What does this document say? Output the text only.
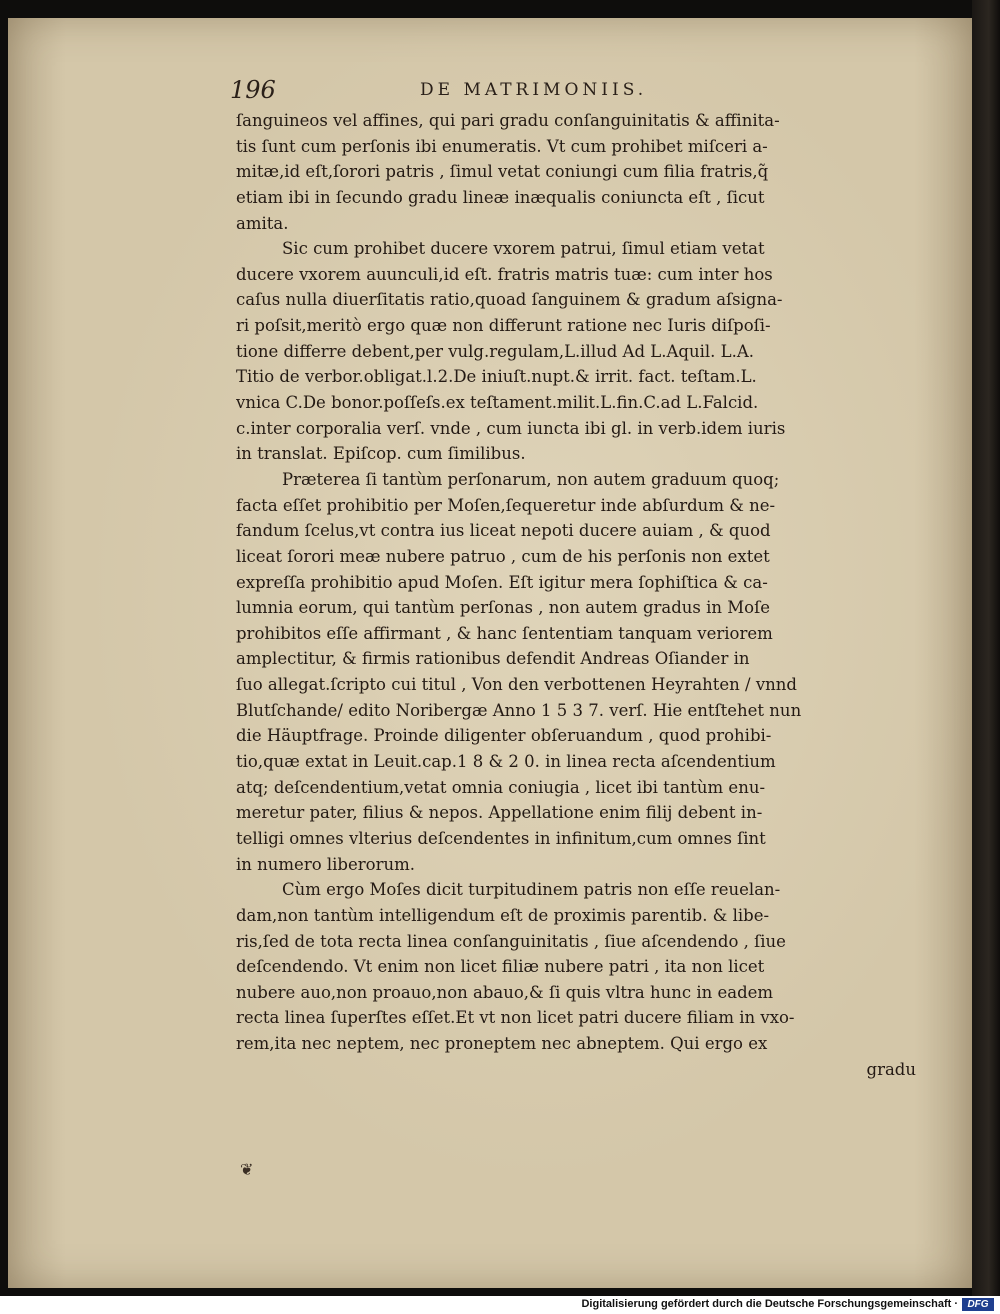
196	DE MATRIMONIIS.
ſanguineos vel affines, qui pari gradu conſanguinitatis & affinita-
tis ſunt cum perſonis ibi enumeratis. Vt cum prohibet miſceri a-
mitæ,id eſt,ſorori patris , ſimul vetat coniungi cum filia fratris,q̃
etiam ibi in ſecundo gradu lineæ inæqualis coniuncta eſt , ſicut
amita.
Sic cum prohibet ducere vxorem patrui, ſimul etiam vetat
ducere vxorem auunculi,id eſt. fratris matris tuæ: cum inter hos
caſus nulla diuerſitatis ratio,quoad ſanguinem & gradum aſsigna-
ri poſsit,meritò ergo quæ non differunt ratione nec Iuris diſpoſi-
tione differre debent,per vulg.regulam,L.illud Ad L.Aquil. L.A.
Titio de verbor.obligat.l.2.De iniuſt.nupt.& irrit. fact. teſtam.L.
vnica C.De bonor.poſſeſs.ex teſtament.milit.L.fin.C.ad L.Falcid.
c.inter corporalia verſ. vnde , cum iuncta ibi gl. in verb.idem iuris
in translat. Epiſcop. cum ſimilibus.
Præterea ſi tantùm perſonarum, non autem graduum quoq;
facta eſſet prohibitio per Moſen,ſequeretur inde abſurdum & ne-
fandum ſcelus,vt contra ius liceat nepoti ducere auiam , & quod
liceat ſorori meæ nubere patruo , cum de his perſonis non extet
expreſſa prohibitio apud Moſen. Eſt igitur mera ſophiſtica & ca-
lumnia eorum, qui tantùm perſonas , non autem gradus in Moſe
prohibitos eſſe affirmant , & hanc ſententiam tanquam veriorem
amplectitur, & firmis rationibus defendit Andreas Oſiander in
ſuo allegat.ſcripto cui titul , Von den verbottenen Heyrahten / vnnd
Blutſchande/ edito Noribergæ Anno 1 5 3 7. verſ. Hie entſtehet nun
die Häuptfrage. Proinde diligenter obſeruandum , quod prohibi-
tio,quæ extat in Leuit.cap.1 8 & 2 0. in linea recta aſcendentium
atq; deſcendentium,vetat omnia coniugia , licet ibi tantùm enu-
meretur pater, filius & nepos. Appellatione enim filij debent in-
telligi omnes vlterius deſcendentes in infinitum,cum omnes ſint
in numero liberorum.
Cùm ergo Moſes dicit turpitudinem patris non eſſe reuelan-
dam,non tantùm intelligendum eſt de proximis parentib. & libe-
ris,ſed de tota recta linea conſanguinitatis , ſiue aſcendendo , ſiue
deſcendendo. Vt enim non licet filiæ nubere patri , ita non licet
nubere auo,non proauo,non abauo,& ſi quis vltra hunc in eadem
recta linea ſuperſtes eſſet.Et vt non licet patri ducere filiam in vxo-
rem,ita nec neptem, nec proneptem nec abneptem. Qui ergo ex
gradu
❦
Digitalisierung gefördert durch die Deutsche Forschungsgemeinschaft · DFG
